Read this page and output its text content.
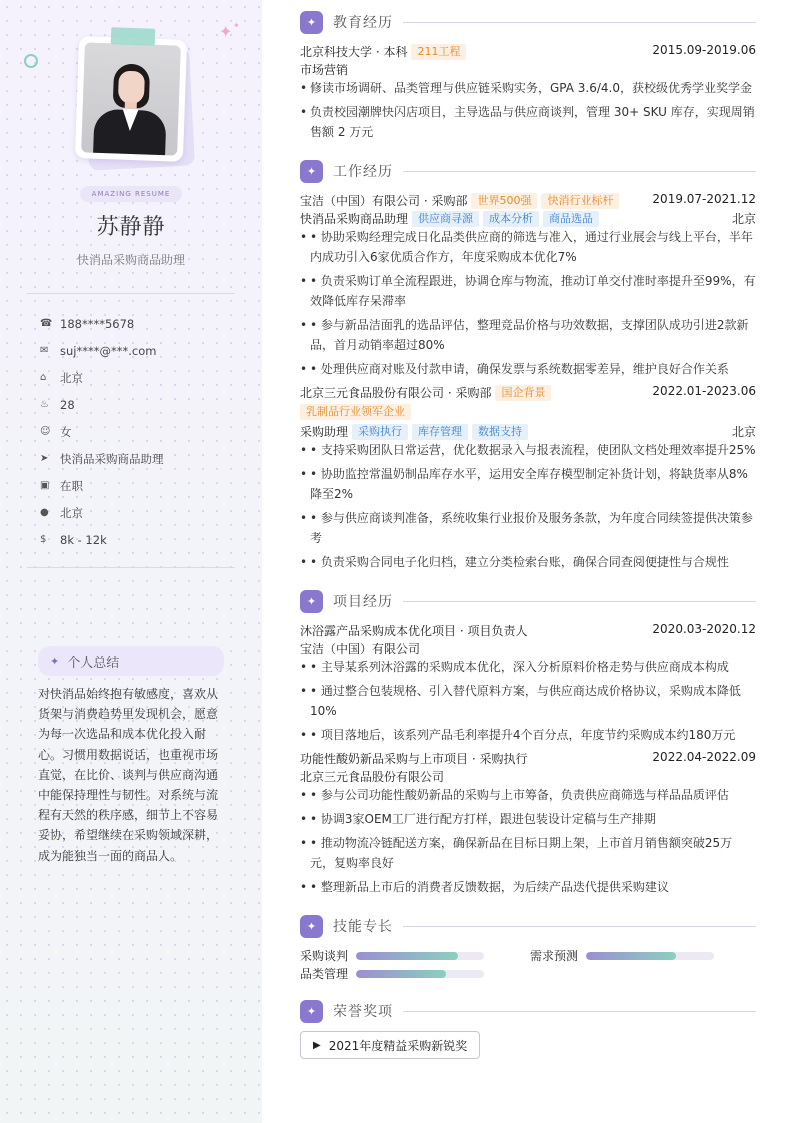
✦ ✦
AMAZING RESUME
苏静静
快消品采购商品助理
☎ 188****5678
✉	suj****@***.com
⌂	北京
♨ 28
☺ 女
➤	快消品采购商品助理
▣ 在职
● 北京
$	8k - 12k
✦ 个人总结
对快消品始终抱有敏感度，喜欢从货架与消费趋势里发现机会，愿意为每一次选品和成本优化投入耐心。习惯用数据说话，也重视市场直觉，在比价、谈判与供应商沟通中能保持理性与韧性。对系统与流程有天然的秩序感，细节上不容易妥协，希望继续在采购领域深耕，成为能独当一面的商品人。
✦	教育经历
北京科技大学 · 本科 211工程	2015.09-2019.06
市场营销
• 修读市场调研、品类管理与供应链采购实务，GPA 3.6/4.0，获校级优秀学业奖学金
• 负责校园潮牌快闪店项目，主导选品与供应商谈判，管理 30+ SKU 库存，实现周销售额 2 万元
✦	工作经历
宝洁（中国）有限公司 · 采购部 世界500强 快消行业标杆	2019.07-2021.12
快消品采购商品助理 供应商寻源 成本分析 商品选品	北京
• • 协助采购经理完成日化品类供应商的筛选与准入，通过行业展会与线上平台，半年内成功引入6家优质合作方，年度采购成本优化7%
• • 负责采购订单全流程跟进，协调仓库与物流，推动订单交付准时率提升至99%，有效降低库存呆滞率
• • 参与新品洁面乳的选品评估，整理竞品价格与功效数据，支撑团队成功引进2款新品，首月动销率超过80%
• • 处理供应商对账及付款申请，确保发票与系统数据零差异，维护良好合作关系
北京三元食品股份有限公司 · 采购部 国企背景	2022.01-2023.06
乳制品行业领军企业
采购助理 采购执行 库存管理 数据支持	北京
• • 支持采购团队日常运营，优化数据录入与报表流程，使团队文档处理效率提升25%
• • 协助监控常温奶制品库存水平，运用安全库存模型制定补货计划，将缺货率从8%降至2%
• • 参与供应商谈判准备，系统收集行业报价及服务条款，为年度合同续签提供决策参考
• • 负责采购合同电子化归档，建立分类检索台账，确保合同查阅便捷性与合规性
✦	项目经历
沐浴露产品采购成本优化项目 · 项目负责人	2020.03-2020.12
宝洁（中国）有限公司
• • 主导某系列沐浴露的采购成本优化，深入分析原料价格走势与供应商成本构成
• • 通过整合包装规格、引入替代原料方案，与供应商达成价格协议，采购成本降低10%
• • 项目落地后，该系列产品毛利率提升4个百分点，年度节约采购成本约180万元
功能性酸奶新品采购与上市项目 · 采购执行	2022.04-2022.09
北京三元食品股份有限公司
• • 参与公司功能性酸奶新品的采购与上市筹备，负责供应商筛选与样品品质评估
• • 协调3家OEM工厂进行配方打样，跟进包装设计定稿与生产排期
• • 推动物流冷链配送方案，确保新品在目标日期上架，上市首月销售额突破25万元，复购率良好
• • 整理新品上市后的消费者反馈数据，为后续产品迭代提供采购建议
✦	技能专长
采购谈判	需求预测
品类管理
✦	荣誉奖项
▶ 2021年度精益采购新锐奖
